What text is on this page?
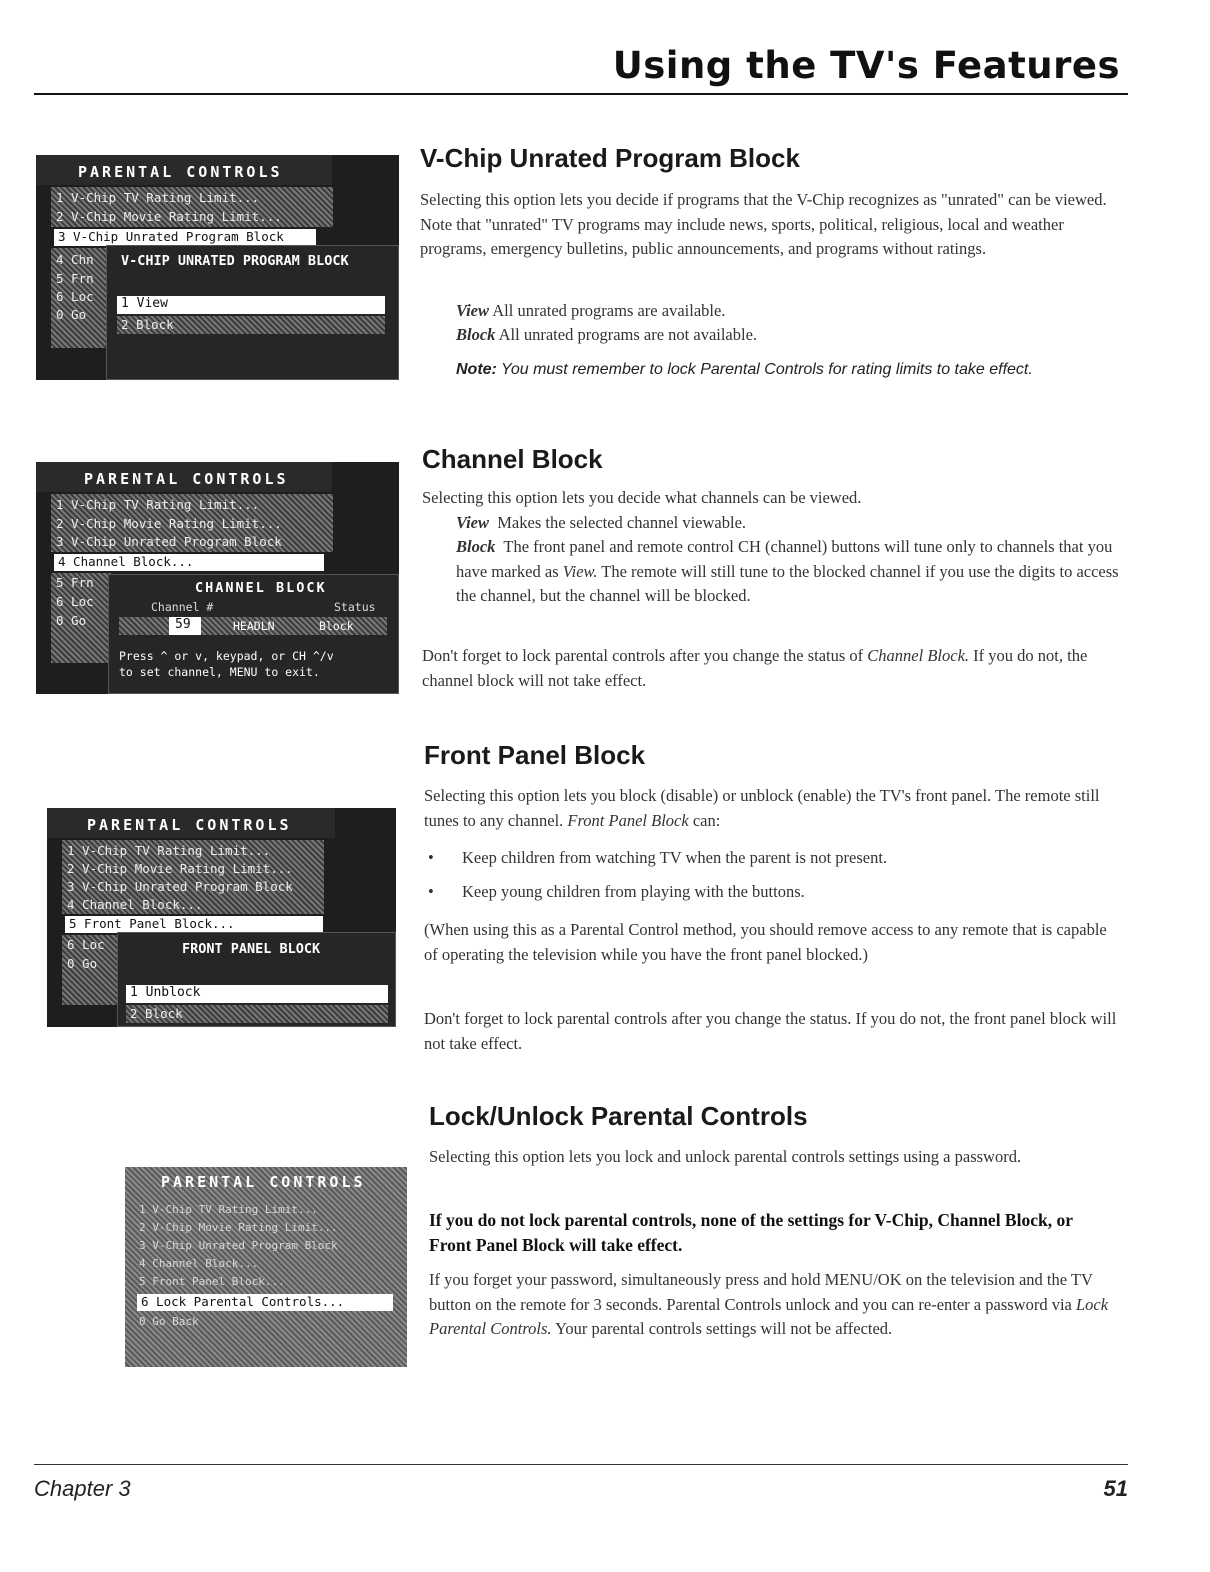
Using the TV's Features
PARENTAL CONTROLS
1 V-Chip TV Rating Limit...
2 V-Chip Movie Rating Limit...
3 V-Chip Unrated Program Block
4 Chn
5 Frn
6 Loc
0 Go
V-CHIP UNRATED PROGRAM BLOCK
1 View
2 Block
V-Chip Unrated Program Block

Selecting this option lets you decide if programs that the V-Chip recognizes as "unrated" can be viewed. Note that "unrated" TV programs may include news, sports, political, religious, local and weather programs, emergency bulletins, public announcements, and programs without ratings.

View All unrated programs are available.

Block All unrated programs are not available.

Note: You must remember to lock Parental Controls for rating limits to take effect.

PARENTAL CONTROLS
1 V-Chip TV Rating Limit...
2 V-Chip Movie Rating Limit...
3 V-Chip Unrated Program Block
4 Channel Block...
5 Frn
6 Loc
0 Go
CHANNEL BLOCK
Channel #	Status
59	HEADLN	Block
Press ^ or v, keypad, or CH ^/v
to set channel, MENU to exit.
Channel Block

Selecting this option lets you decide what channels can be viewed.

View Makes the selected channel viewable.

Block The front panel and remote control CH (channel) buttons will tune only to channels that you have marked as View. The remote will still tune to the blocked channel if you use the digits to access the channel, but the channel will be blocked.

Don't forget to lock parental controls after you change the status of Channel Block. If you do not, the channel block will not take effect.

PARENTAL CONTROLS
1 V-Chip TV Rating Limit...
2 V-Chip Movie Rating Limit...
3 V-Chip Unrated Program Block
4 Channel Block...
5 Front Panel Block...
6 Loc
0 Go
FRONT PANEL BLOCK
1 Unblock
2 Block
Front Panel Block

Selecting this option lets you block (disable) or unblock (enable) the TV's front panel. The remote still tunes to any channel. Front Panel Block can:

• Keep children from watching TV when the parent is not present.

• Keep young children from playing with the buttons.

(When using this as a Parental Control method, you should remove access to any remote that is capable of operating the television while you have the front panel blocked.)

Don't forget to lock parental controls after you change the status. If you do not, the front panel block will not take effect.

PARENTAL CONTROLS
1 V-Chip TV Rating Limit...
2 V-Chip Movie Rating Limit...
3 V-Chip Unrated Program Block
4 Channel Block...
5 Front Panel Block...
6 Lock Parental Controls...
0 Go Back
Lock/Unlock Parental Controls

Selecting this option lets you lock and unlock parental controls settings using a password.

If you do not lock parental controls, none of the settings for V-Chip, Channel Block, or Front Panel Block will take effect.

If you forget your password, simultaneously press and hold MENU/OK on the television and the TV button on the remote for 3 seconds. Parental Controls unlock and you can re-enter a password via Lock Parental Controls. Your parental controls settings will not be affected.

Chapter 3	51
